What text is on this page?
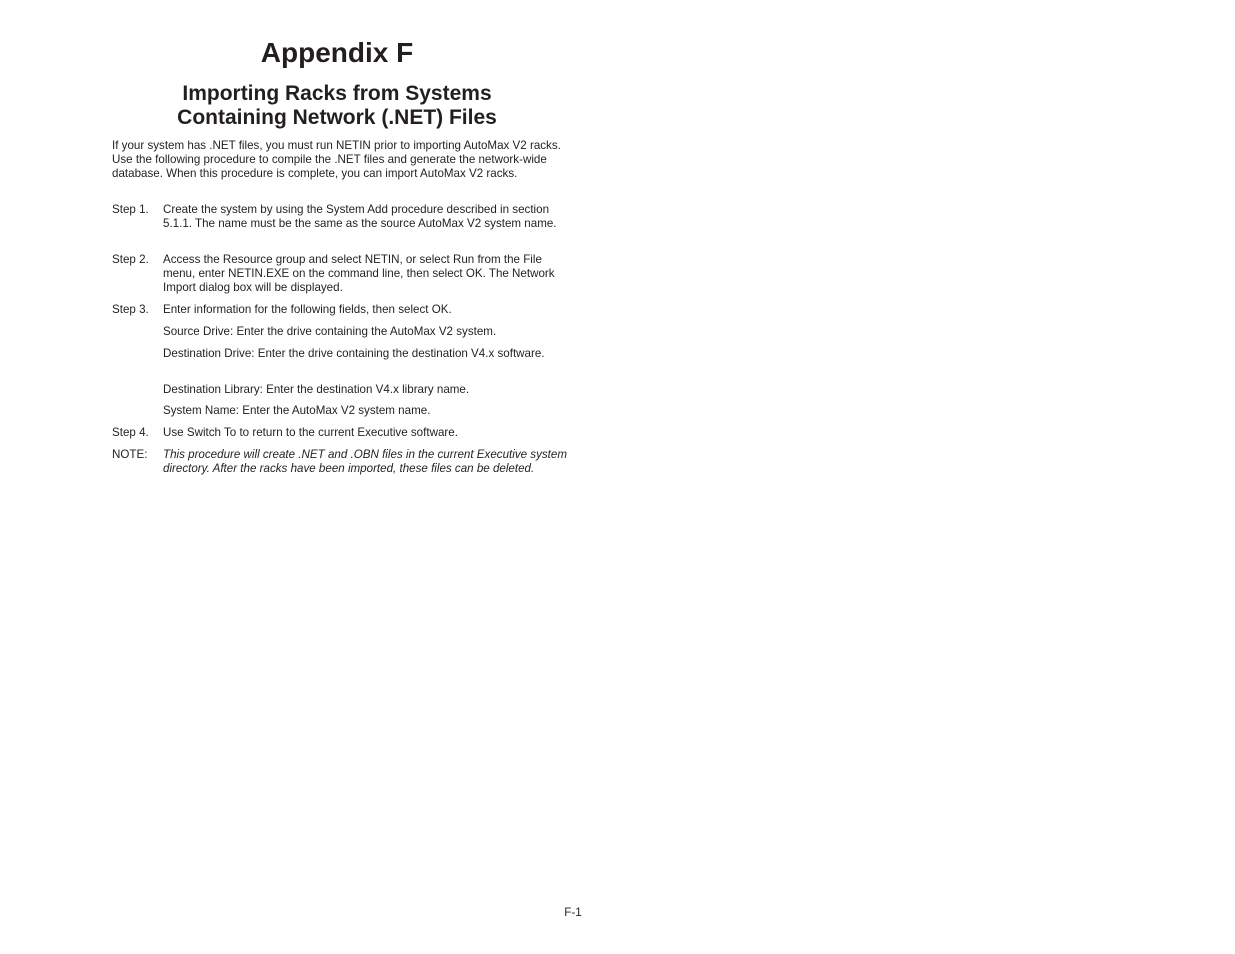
Appendix F
Importing Racks from Systems
Containing Network (.NET) Files

If your system has .NET files, you must run NETIN prior to importing AutoMax V2 racks. Use the following procedure to compile the .NET files and generate the network-wide database. When this procedure is complete, you can import AutoMax V2 racks.

Step 1. Create the system by using the System Add procedure described in section 5.1.1. The name must be the same as the source AutoMax V2 system name.
Step 2. Access the Resource group and select NETIN, or select Run from the File menu, enter NETIN.EXE on the command line, then select OK. The Network Import dialog box will be displayed.
Step 3. Enter information for the following fields, then select OK.

Source Drive: Enter the drive containing the AutoMax V2 system.

Destination Drive: Enter the drive containing the destination V4.x software.

Destination Library: Enter the destination V4.x library name.

System Name: Enter the AutoMax V2 system name.

Step 4. Use Switch To to return to the current Executive software.
NOTE: This procedure will create .NET and .OBN files in the current Executive system directory. After the racks have been imported, these files can be deleted.
F-1
